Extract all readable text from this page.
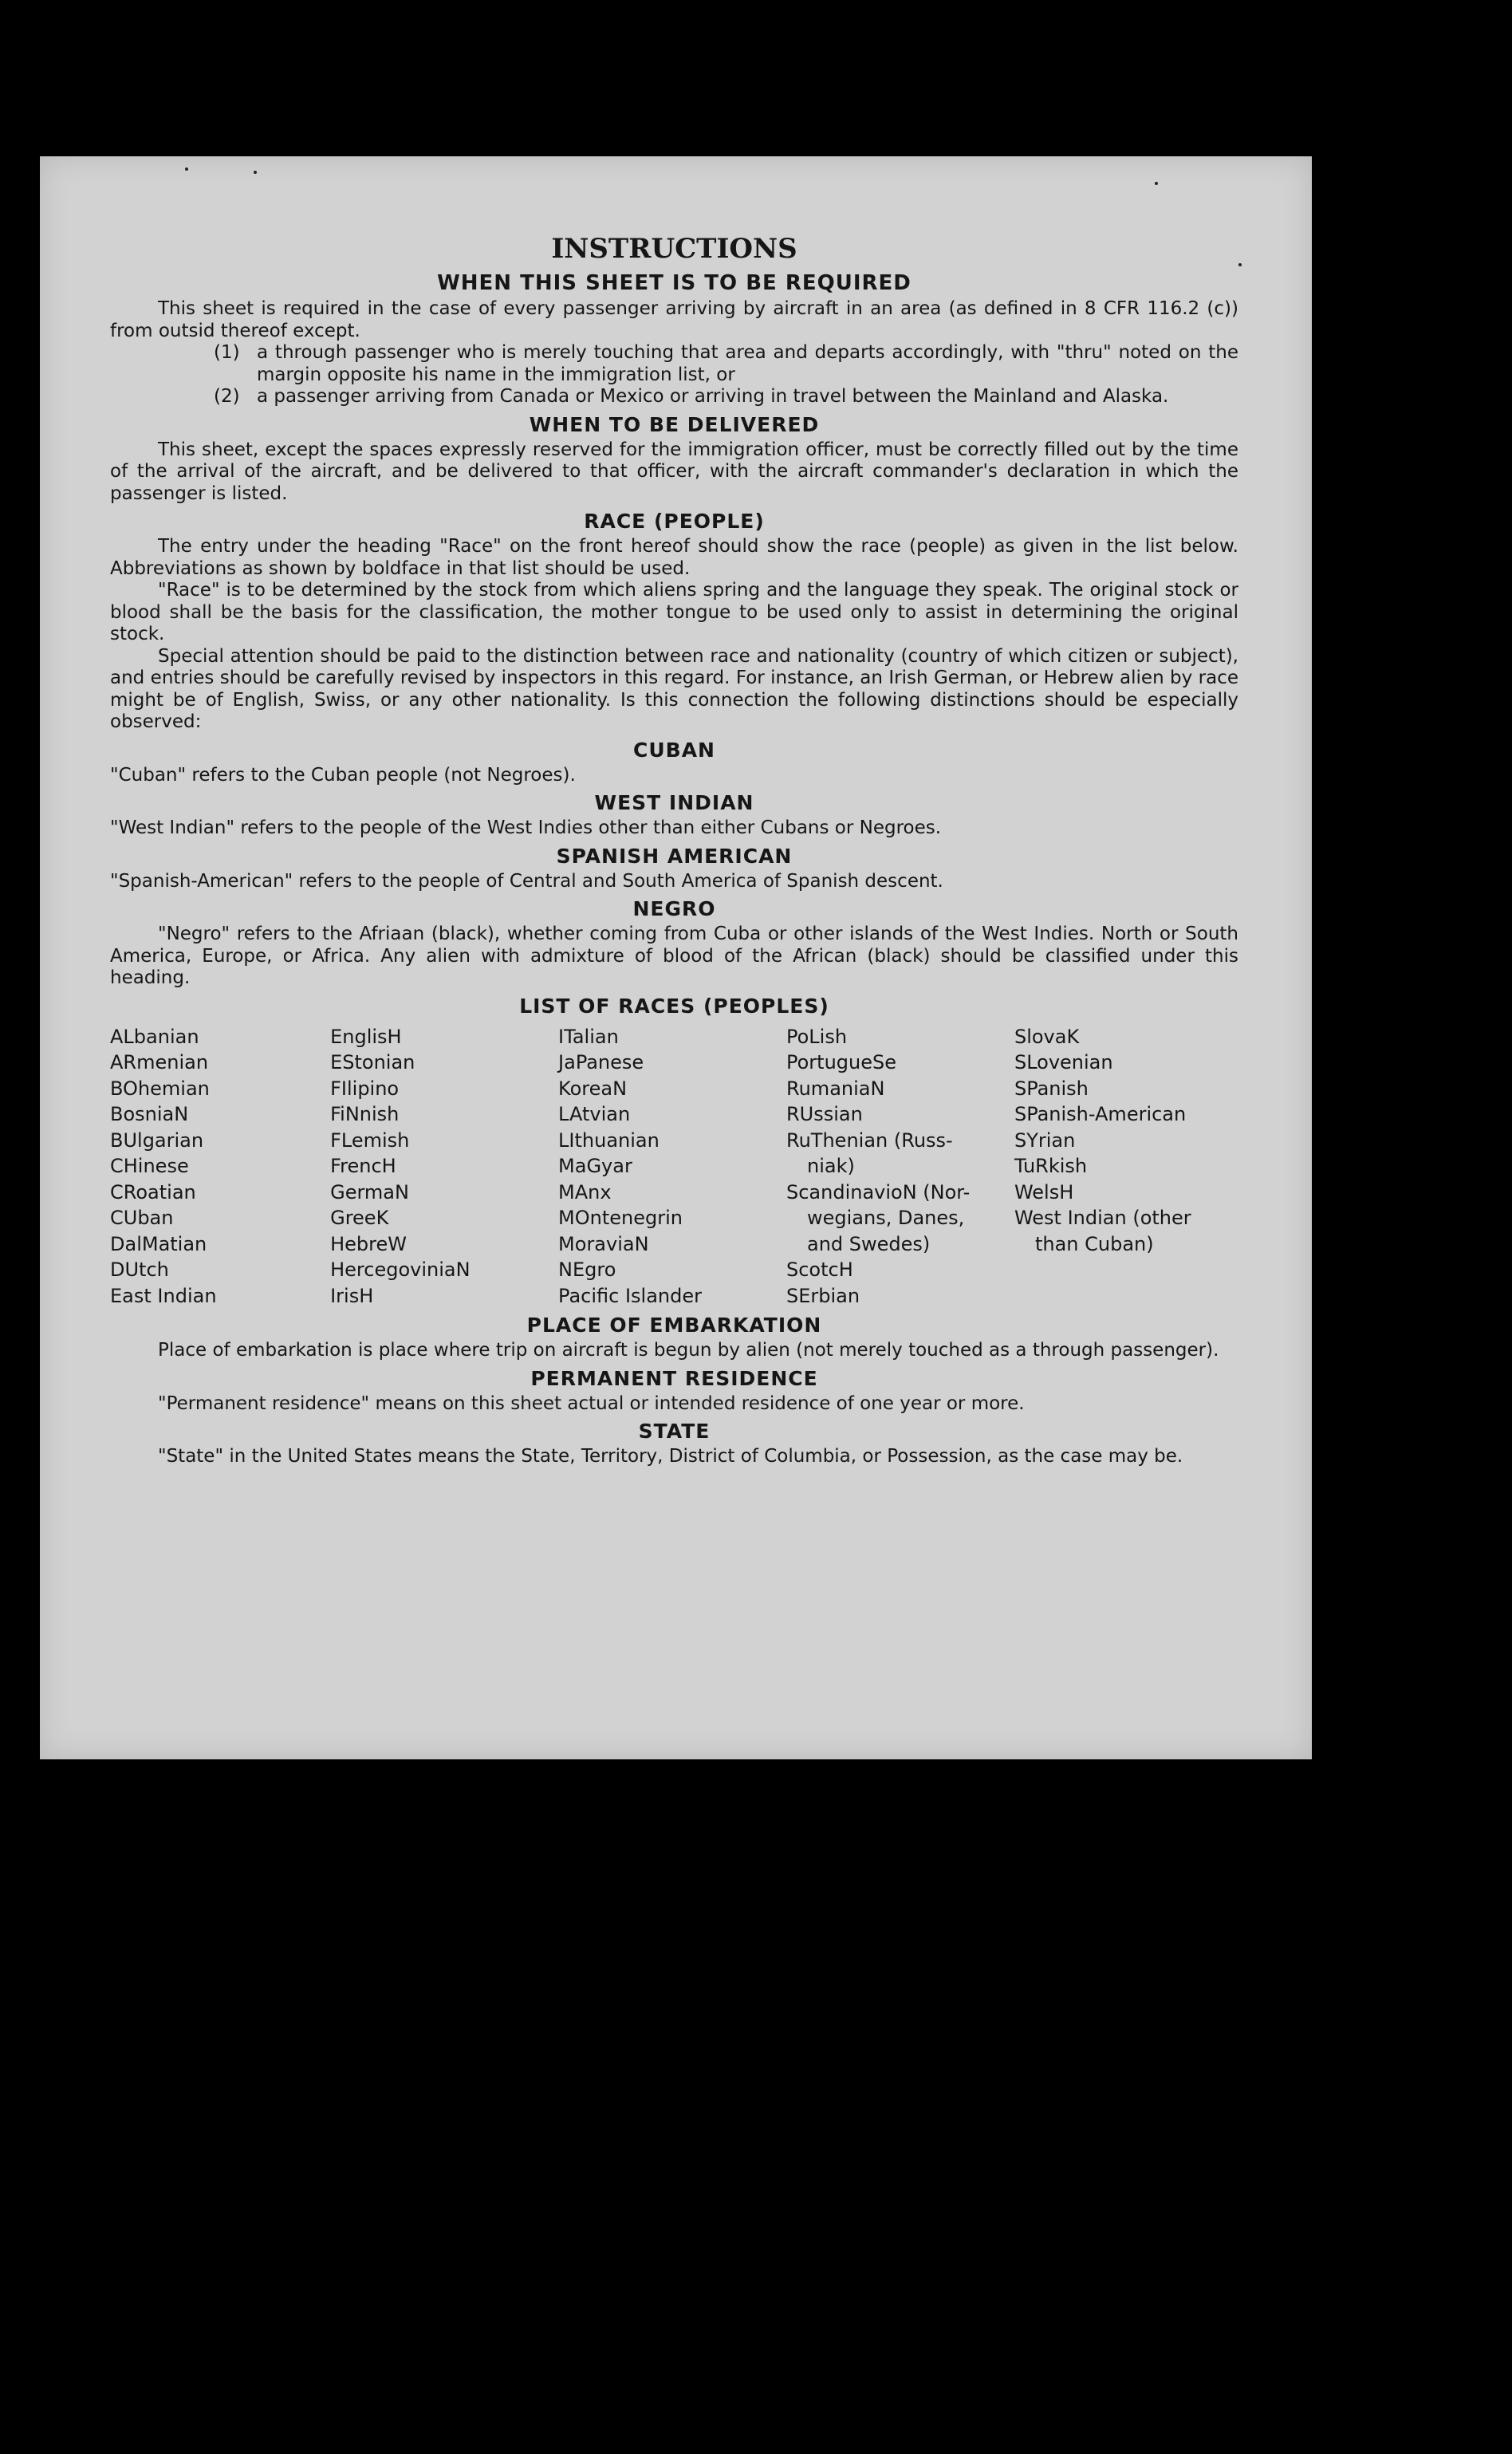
INSTRUCTIONS
WHEN THIS SHEET IS TO BE REQUIRED

This sheet is required in the case of every passenger arriving by aircraft in an area (as defined in 8 CFR 116.2 (c)) from outsid thereof except.

(1) a through passenger who is merely touching that area and departs accordingly, with "thru" noted on the margin opposite his name in the immigration list, or
(2) a passenger arriving from Canada or Mexico or arriving in travel between the Mainland and Alaska.
WHEN TO BE DELIVERED

This sheet, except the spaces expressly reserved for the immigration officer, must be correctly filled out by the time of the arrival of the aircraft, and be delivered to that officer, with the aircraft commander's declaration in which the passenger is listed.

RACE (PEOPLE)

The entry under the heading "Race" on the front hereof should show the race (people) as given in the list below. Abbreviations as shown by boldface in that list should be used.

"Race" is to be determined by the stock from which aliens spring and the language they speak. The original stock or blood shall be the basis for the classification, the mother tongue to be used only to assist in determining the original stock.

Special attention should be paid to the distinction between race and nationality (country of which citizen or subject), and entries should be carefully revised by inspectors in this regard. For instance, an Irish German, or Hebrew alien by race might be of English, Swiss, or any other nationality. Is this connection the following distinctions should be especially observed:

CUBAN

"Cuban" refers to the Cuban people (not Negroes).

WEST INDIAN

"West Indian" refers to the people of the West Indies other than either Cubans or Negroes.

SPANISH AMERICAN

"Spanish-American" refers to the people of Central and South America of Spanish descent.

NEGRO

"Negro" refers to the Afriaan (black), whether coming from Cuba or other islands of the West Indies. North or South America, Europe, or Africa. Any alien with admixture of blood of the African (black) should be classified under this heading.

LIST OF RACES (PEOPLES)
ALbanian
ARmenian
BOhemian
BosniaN
BUlgarian
CHinese
CRoatian
CUban
DalMatian
DUtch
East Indian
EnglisH
EStonian
FIlipino
FiNnish
FLemish
FrencH
GermaN
GreeK
HebreW
HercegoviniaN
IrisH
ITalian
JaPanese
KoreaN
LAtvian
LIthuanian
MaGyar
MAnx
MOntenegrin
MoraviaN
NEgro
Pacific Islander
PoLish
PortugueSe
RumaniaN
RUssian
RuThenian (Russ-
niak)
ScandinavioN (Nor-
wegians, Danes,
and Swedes)
ScotcH
SErbian
SlovaK
SLovenian
SPanish
SPanish-American
SYrian
TuRkish
WelsH
West Indian (other
than Cuban)
PLACE OF EMBARKATION

Place of embarkation is place where trip on aircraft is begun by alien (not merely touched as a through passenger).

PERMANENT RESIDENCE

"Permanent residence" means on this sheet actual or intended residence of one year or more.

STATE

"State" in the United States means the State, Territory, District of Columbia, or Possession, as the case may be.
